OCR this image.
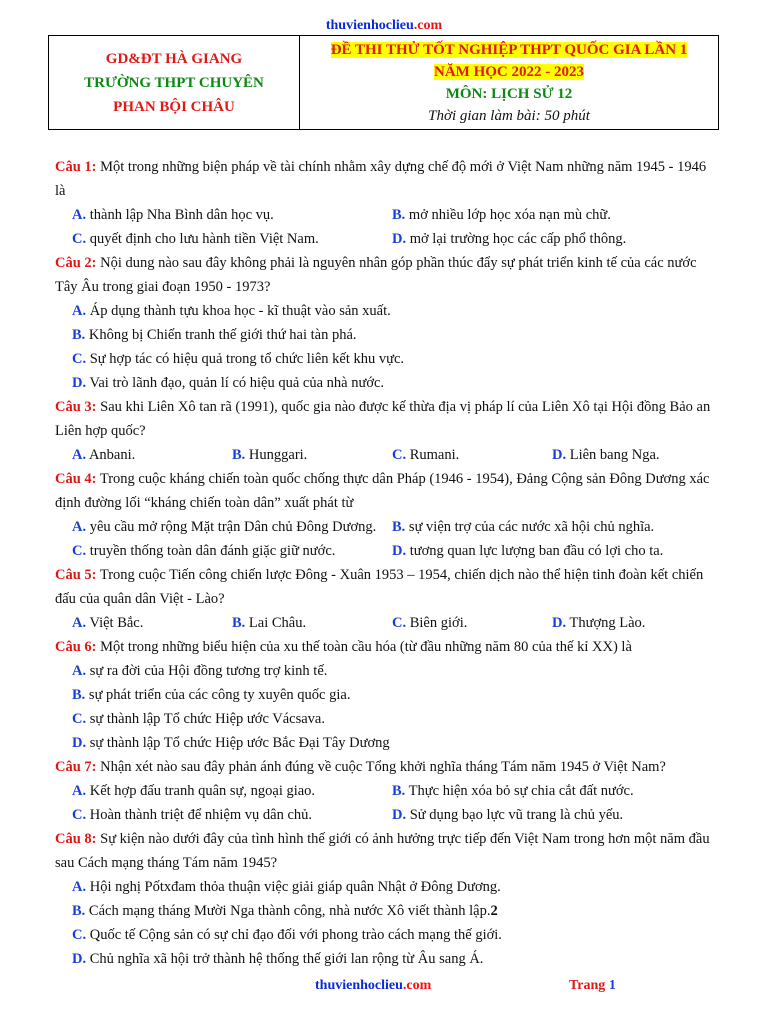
thuvienhoclieu.com
GD&ĐT HÀ GIANG
TRƯỜNG THPT CHUYÊN
PHAN BỘI CHÂU

ĐỀ THI THỬ TỐT NGHIỆP THPT QUỐC GIA LẦN 1
NĂM HỌC 2022 - 2023
MÔN: LỊCH SỬ 12
Thời gian làm bài: 50 phút
Câu 1: Một trong những biện pháp về tài chính nhằm xây dựng chế độ mới ở Việt Nam những năm 1945 - 1946 là
A. thành lập Nha Bình dân học vụ.	B. mở nhiều lớp học xóa nạn mù chữ.
C. quyết định cho lưu hành tiền Việt Nam.	D. mở lại trường học các cấp phổ thông.
Câu 2: Nội dung nào sau đây không phải là nguyên nhân góp phần thúc đẩy sự phát triển kinh tế của các nước Tây Âu trong giai đoạn 1950 - 1973?
A. Áp dụng thành tựu khoa học - kĩ thuật vào sản xuất.
B. Không bị Chiến tranh thế giới thứ hai tàn phá.
C. Sự hợp tác có hiệu quả trong tổ chức liên kết khu vực.
D. Vai trò lãnh đạo, quản lí có hiệu quả của nhà nước.
Câu 3: Sau khi Liên Xô tan rã (1991), quốc gia nào được kế thừa địa vị pháp lí của Liên Xô tại Hội đồng Bảo an Liên hợp quốc?
A. Anbani.	B. Hunggari.	C. Rumani.	D. Liên bang Nga.
Câu 4: Trong cuộc kháng chiến toàn quốc chống thực dân Pháp (1946 - 1954), Đảng Cộng sản Đông Dương xác định đường lối “kháng chiến toàn dân” xuất phát từ
A. yêu cầu mở rộng Mặt trận Dân chủ Đông Dương.	B. sự viện trợ của các nước xã hội chủ nghĩa.
C. truyền thống toàn dân đánh giặc giữ nước.	D. tương quan lực lượng ban đầu có lợi cho ta.
Câu 5: Trong cuộc Tiến công chiến lược Đông - Xuân 1953 – 1954, chiến dịch nào thể hiện tinh đoàn kết chiến đấu của quân dân Việt - Lào?
A. Việt Bắc.	B. Lai Châu.	C. Biên giới.	D. Thượng Lào.
Câu 6: Một trong những biểu hiện của xu thế toàn cầu hóa (từ đầu những năm 80 của thế kỉ XX) là
A. sự ra đời của Hội đồng tương trợ kinh tế.
B. sự phát triển của các công ty xuyên quốc gia.
C. sự thành lập Tổ chức Hiệp ước Vácsava.
D. sự thành lập Tổ chức Hiệp ước Bắc Đại Tây Dương
Câu 7: Nhận xét nào sau đây phản ánh đúng về cuộc Tổng khởi nghĩa tháng Tám năm 1945 ở Việt Nam?
A. Kết hợp đấu tranh quân sự, ngoại giao.	B. Thực hiện xóa bỏ sự chia cắt đất nước.
C. Hoàn thành triệt để nhiệm vụ dân chủ.	D. Sử dụng bạo lực vũ trang là chủ yếu.
Câu 8: Sự kiện nào dưới đây của tình hình thế giới có ảnh hưởng trực tiếp đến Việt Nam trong hơn một năm đầu sau Cách mạng tháng Tám năm 1945?
A. Hội nghị Pốtxđam thỏa thuận việc giải giáp quân Nhật ở Đông Dương.
B. Cách mạng tháng Mười Nga thành công, nhà nước Xô viết thành lập.2
C. Quốc tế Cộng sản có sự chỉ đạo đối với phong trào cách mạng thế giới.
D. Chủ nghĩa xã hội trở thành hệ thống thế giới lan rộng từ Âu sang Á.
thuvienhoclieu.com	Trang 1
